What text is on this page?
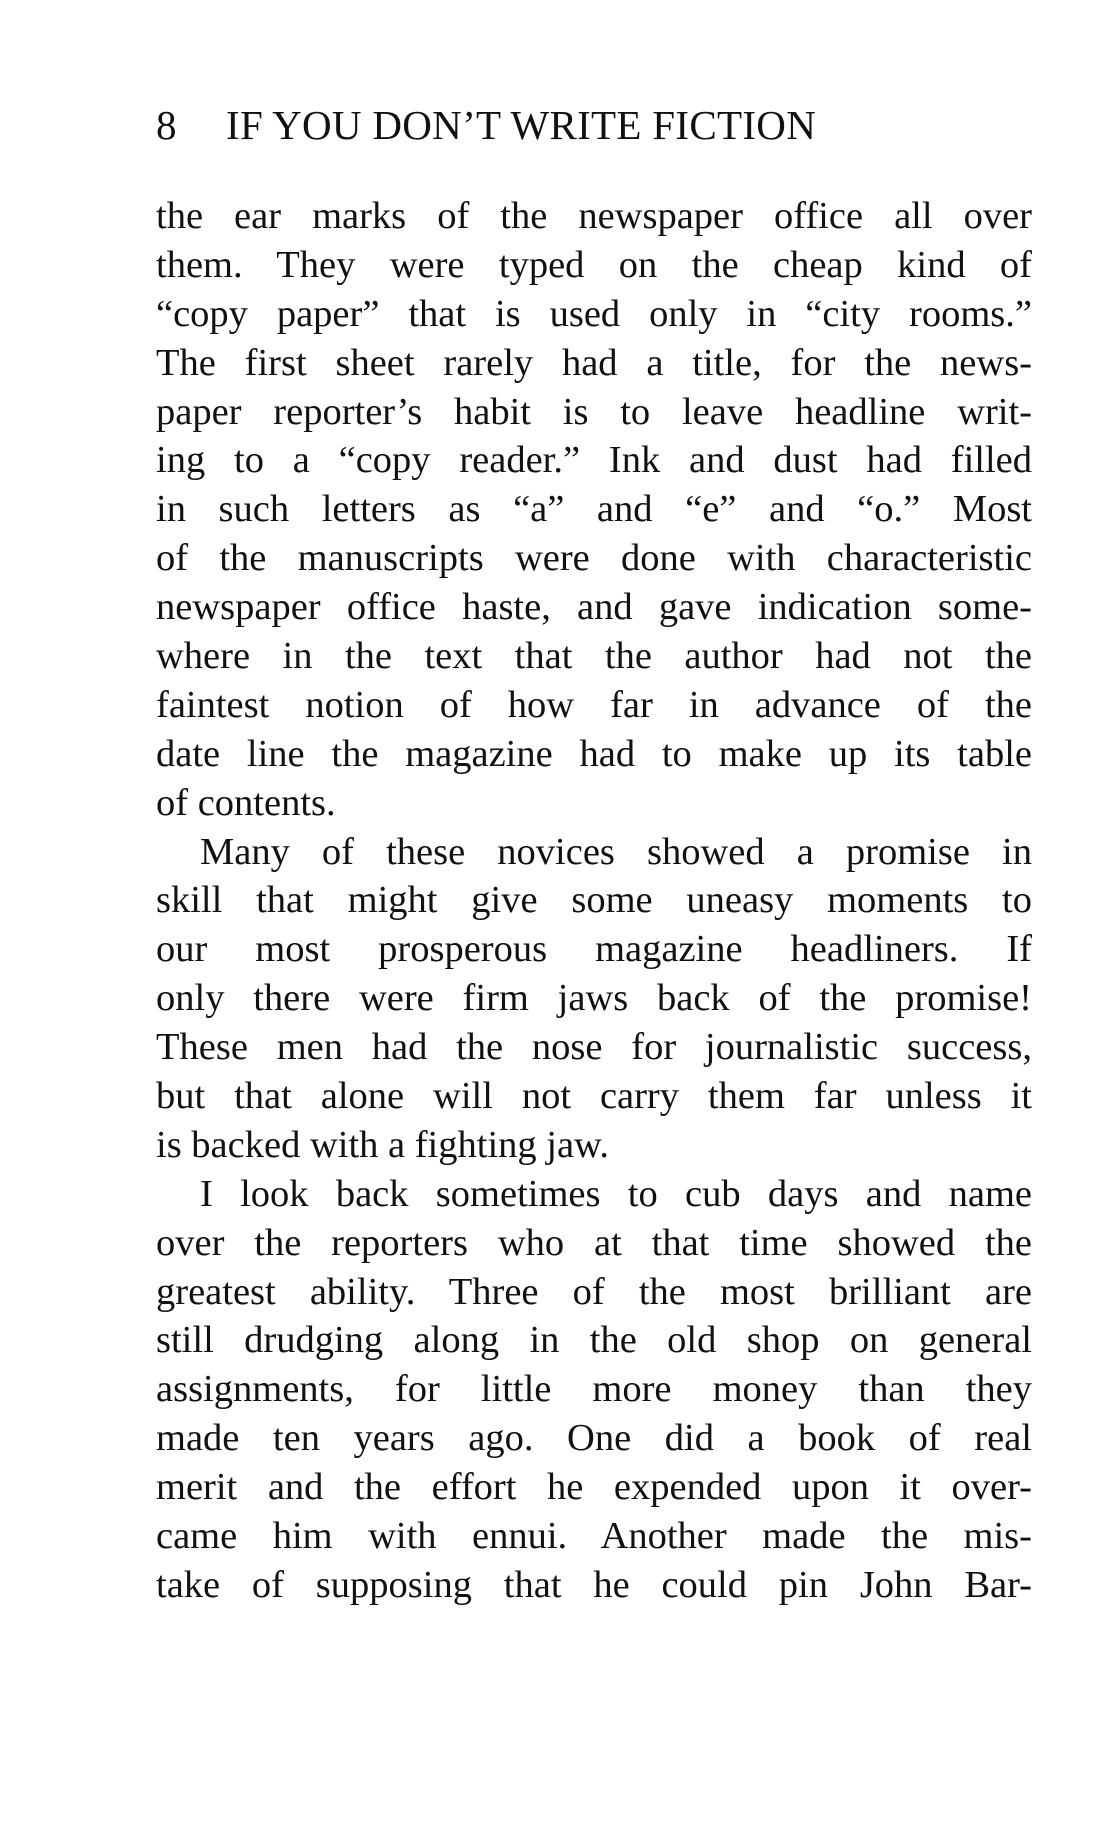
8 IF YOU DON’T WRITE FICTION
the ear marks of the newspaper office all over
them. They were typed on the cheap kind of
“copy paper” that is used only in “city rooms.”
The first sheet rarely had a title, for the news-
paper reporter’s habit is to leave headline writ-
ing to a “copy reader.” Ink and dust had filled
in such letters as “a” and “e” and “o.” Most
of the manuscripts were done with characteristic
newspaper office haste, and gave indication some-
where in the text that the author had not the
faintest notion of how far in advance of the
date line the magazine had to make up its table
of contents.
Many of these novices showed a promise in
skill that might give some uneasy moments to
our most prosperous magazine headliners. If
only there were firm jaws back of the promise!
These men had the nose for journalistic success,
but that alone will not carry them far unless it
is backed with a fighting jaw.
I look back sometimes to cub days and name
over the reporters who at that time showed the
greatest ability. Three of the most brilliant are
still drudging along in the old shop on general
assignments, for little more money than they
made ten years ago. One did a book of real
merit and the effort he expended upon it over-
came him with ennui. Another made the mis-
take of supposing that he could pin John Bar-
